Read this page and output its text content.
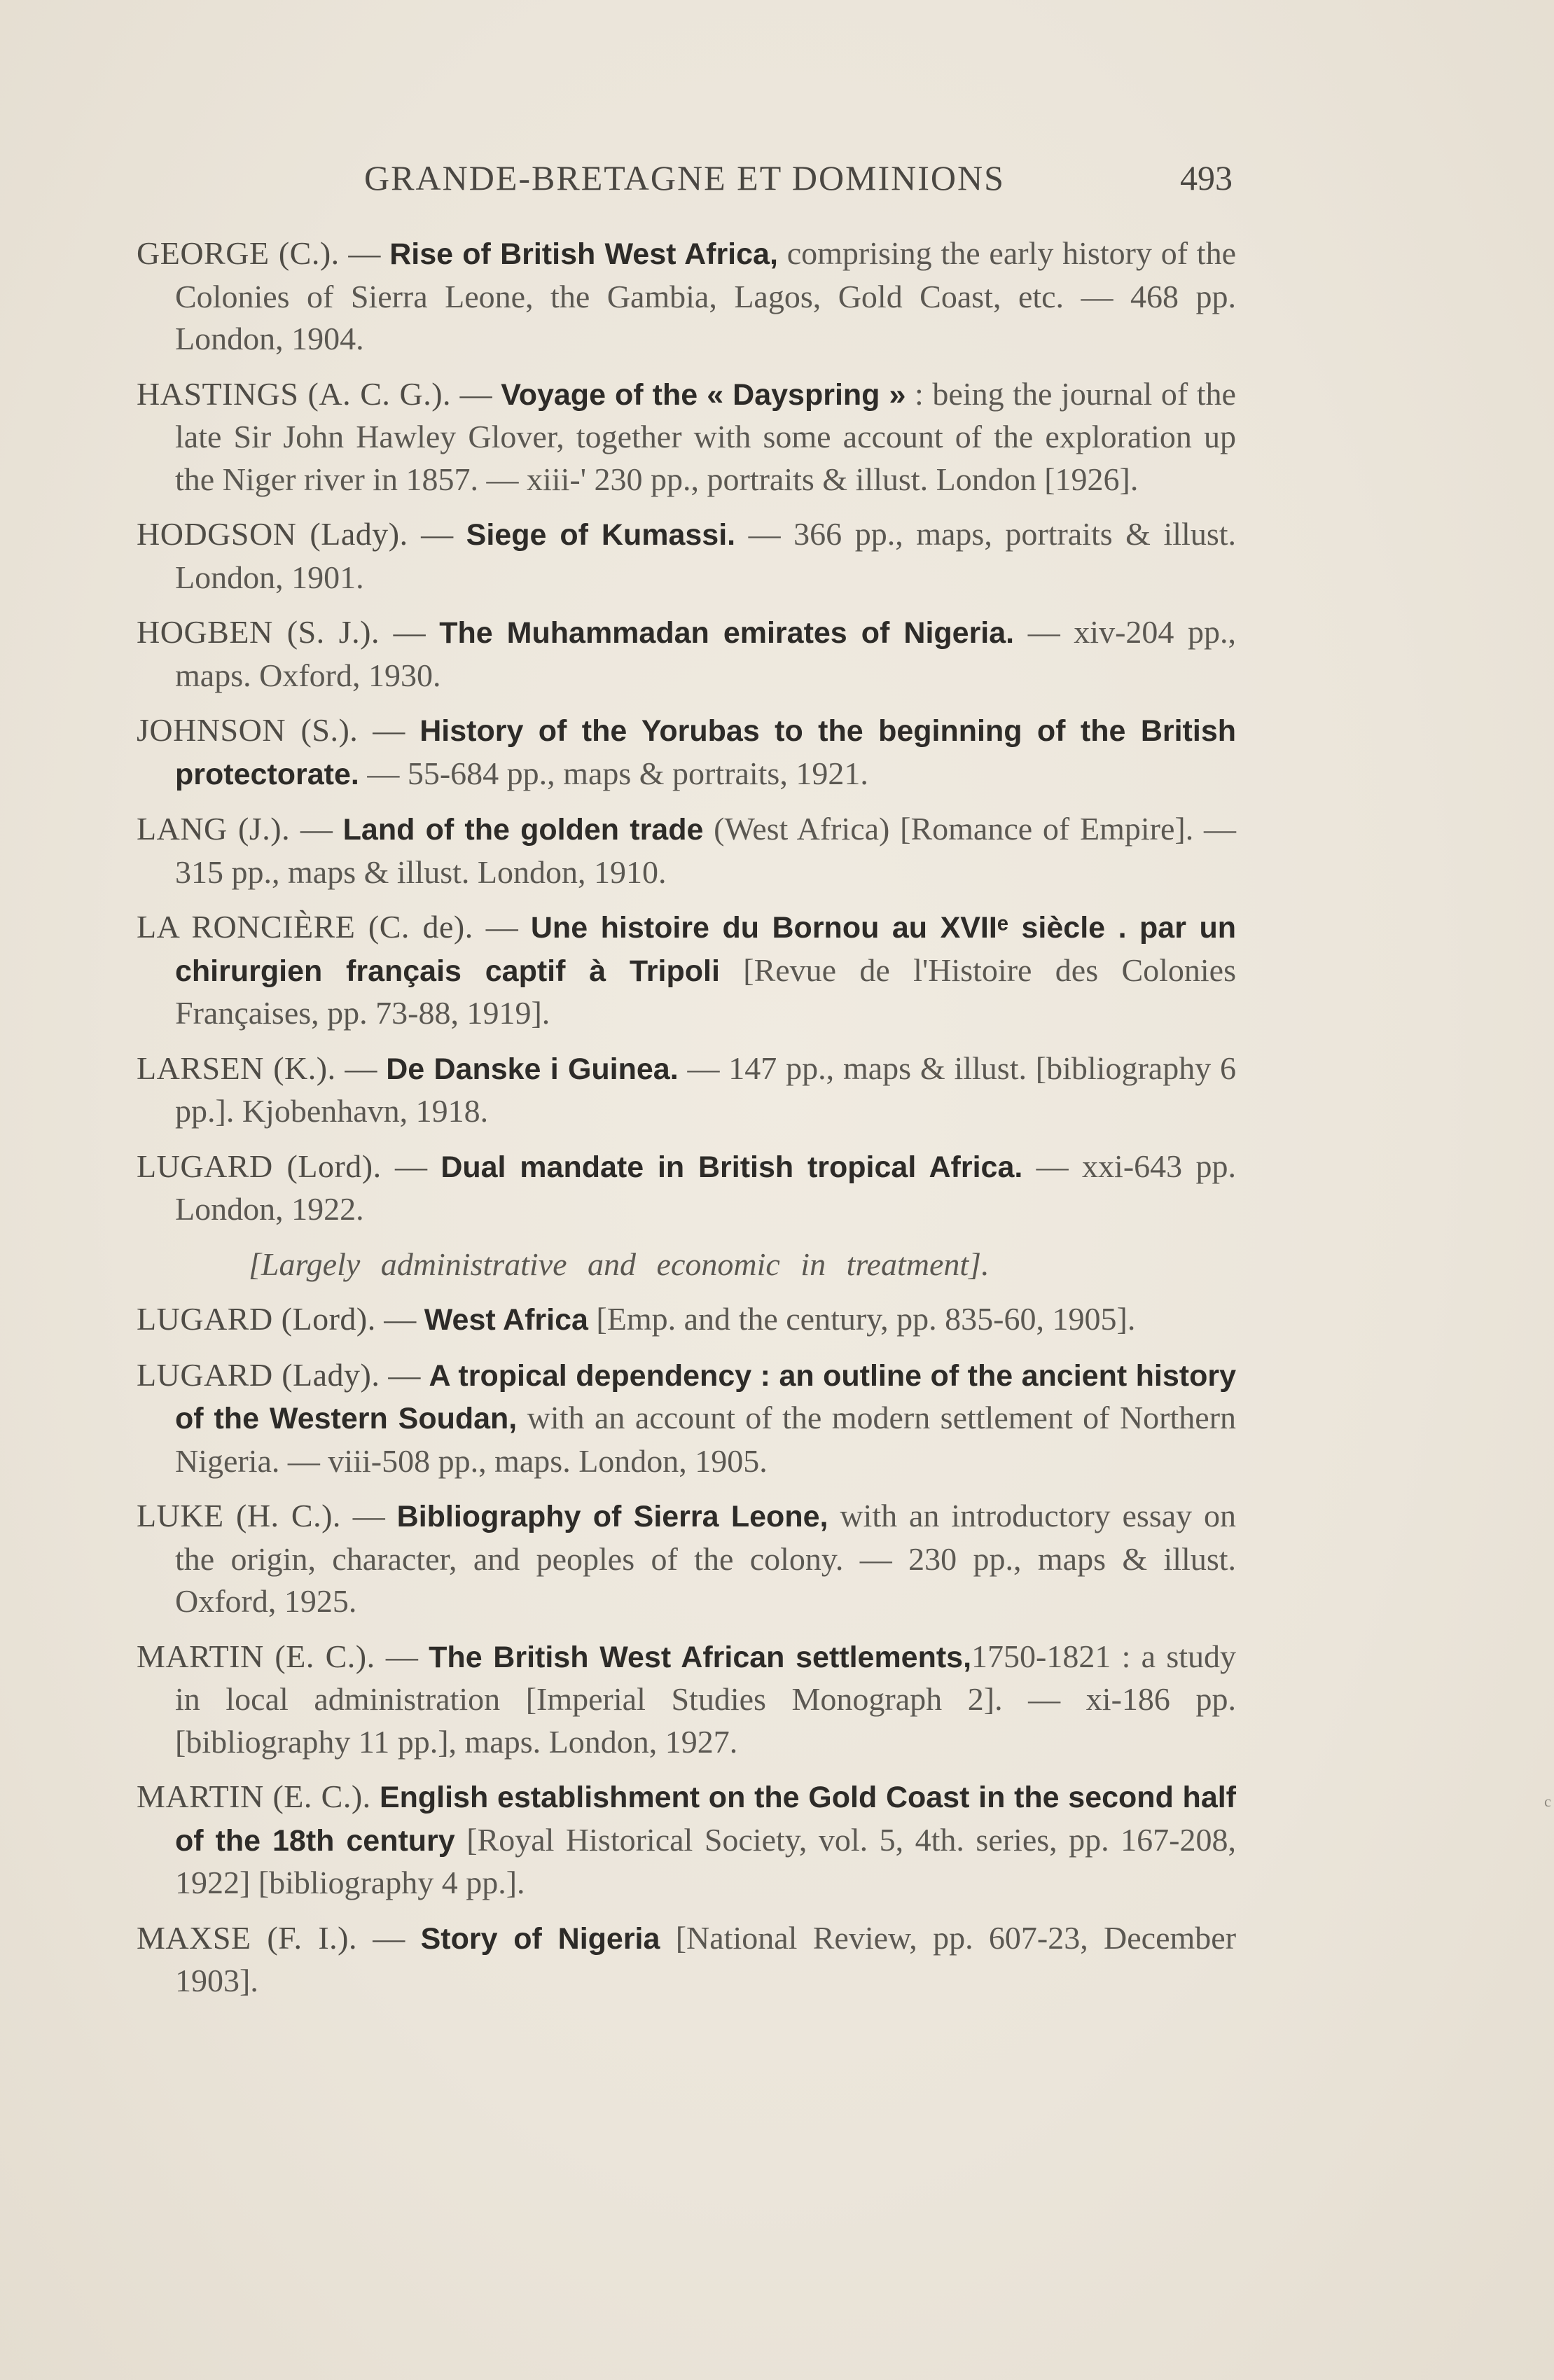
GRANDE-BRETAGNE ET DOMINIONS	493

GEORGE (C.). — Rise of British West Africa, comprising the early history of the Colonies of Sierra Leone, the Gambia, Lagos, Gold Coast, etc. — 468 pp. London, 1904.

HASTINGS (A. C. G.). — Voyage of the « Dayspring » : being the journal of the late Sir John Hawley Glover, together with some account of the exploration up the Niger river in 1857. — xiii-' 230 pp., portraits & illust. London [1926].

HODGSON (Lady). — Siege of Kumassi. — 366 pp., maps, portraits & illust. London, 1901.

HOGBEN (S. J.). — The Muhammadan emirates of Nigeria. — xiv-204 pp., maps. Oxford, 1930.

JOHNSON (S.). — History of the Yorubas to the beginning of the British protectorate. — 55-684 pp., maps & portraits, 1921.

LANG (J.). — Land of the golden trade (West Africa) [Romance of Empire]. — 315 pp., maps & illust. London, 1910.

LA RONCIÈRE (C. de). — Une histoire du Bornou au XVIIᵉ siècle . par un chirurgien français captif à Tripoli [Revue de l'Histoire des Colonies Françaises, pp. 73-88, 1919].

LARSEN (K.). — De Danske i Guinea. — 147 pp., maps & illust. [bibliography 6 pp.]. Kjobenhavn, 1918.

LUGARD (Lord). — Dual mandate in British tropical Africa. — xxi-643 pp. London, 1922.

[Largely administrative and economic in treatment].

LUGARD (Lord). — West Africa [Emp. and the century, pp. 835-60, 1905].

LUGARD (Lady). — A tropical dependency : an outline of the ancient history of the Western Soudan, with an account of the modern settlement of Northern Nigeria. — viii-508 pp., maps. London, 1905.

LUKE (H. C.). — Bibliography of Sierra Leone, with an introductory essay on the origin, character, and peoples of the colony. — 230 pp., maps & illust. Oxford, 1925.

MARTIN (E. C.). — The British West African settlements,1750-1821 : a study in local administration [Imperial Studies Monograph 2]. — xi-186 pp. [bibliography 11 pp.], maps. London, 1927.

MARTIN (E. C.). English establishment on the Gold Coast in the second half of the 18th century [Royal Historical Society, vol. 5, 4th. series, pp. 167-208, 1922] [bibliography 4 pp.].

MAXSE (F. I.). — Story of Nigeria [National Review, pp. 607-23, December 1903].

c
